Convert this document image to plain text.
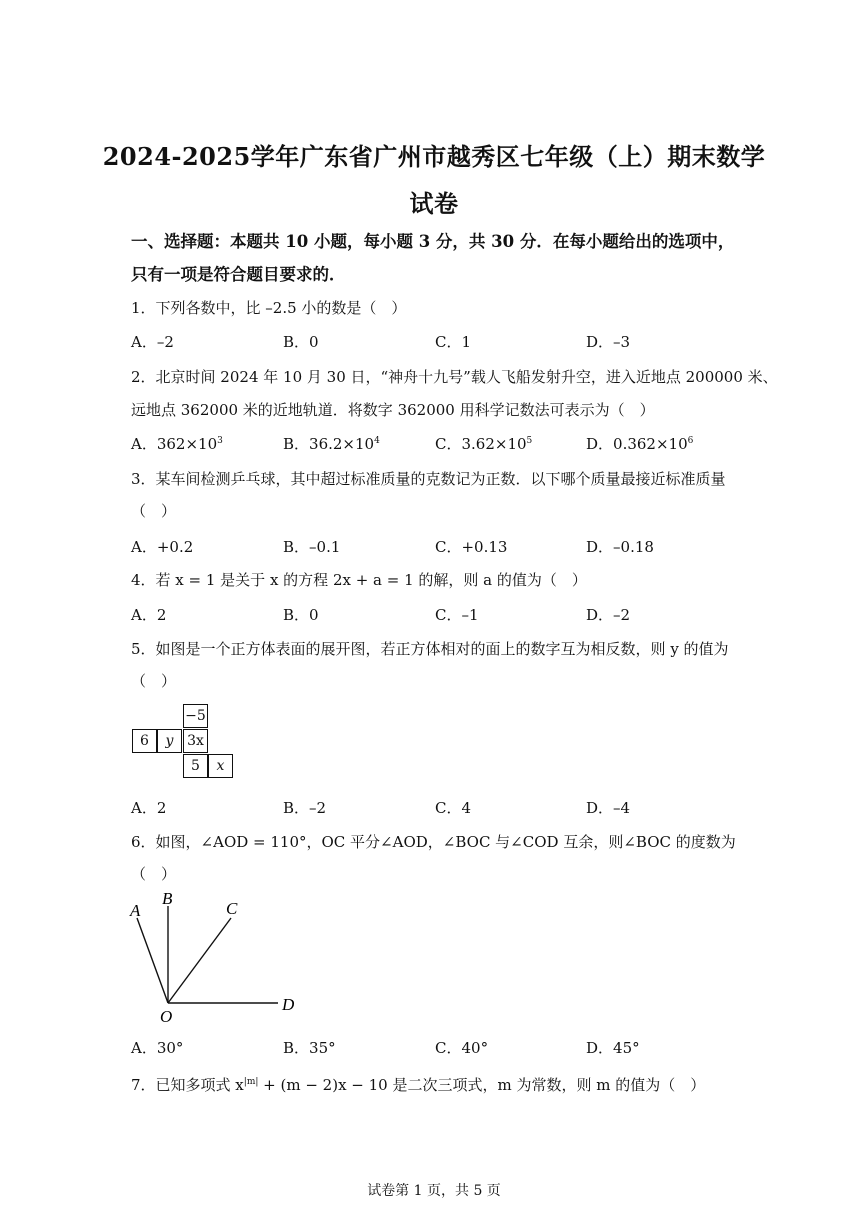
2024-2025学年广东省广州市越秀区七年级（上）期末数学
试卷
一、选择题：本题共 10 小题，每小题 3 分，共 30 分．在每小题给出的选项中，
只有一项是符合题目要求的．
1．下列各数中，比 –2.5 小的数是（　）
A．–2	B．0	C．1	D．–3
2．北京时间 2024 年 10 月 30 日，“神舟十九号”载人飞船发射升空，进入近地点 200000 米、
远地点 362000 米的近地轨道．将数字 362000 用科学记数法可表示为（　）
A．$362\times 10^3$	B．$36.2\times 10^4$	C．$3.62\times 10^5$	D．$0.362\times 10^6$
3．某车间检测乒乓球，其中超过标准质量的克数记为正数．以下哪个质量最接近标准质量
（　）
A．+0.2	B．–0.1	C．+0.13	D．–0.18
4．若 x = 1 是关于 x 的方程 2x + a = 1 的解，则 a 的值为（　）
A．2	B．0	C．–1	D．–2
5．如图是一个正方体表面的展开图，若正方体相对的面上的数字互为相反数，则 y 的值为
（　）
−5
6	y 3x
5	x
A．2	B．–2	C．4	D．–4
6．如图，∠AOD = 110°，OC 平分∠AOD，∠BOC 与∠COD 互余，则∠BOC 的度数为
（　）
A
B
C
D
O
A．30°	B．35°	C．40°	D．45°
7．已知多项式 $x^{|m|} + (m - 2)x - 10$ 是二次三项式，m 为常数，则 m 的值为（　）
试卷第 1 页，共 5 页
